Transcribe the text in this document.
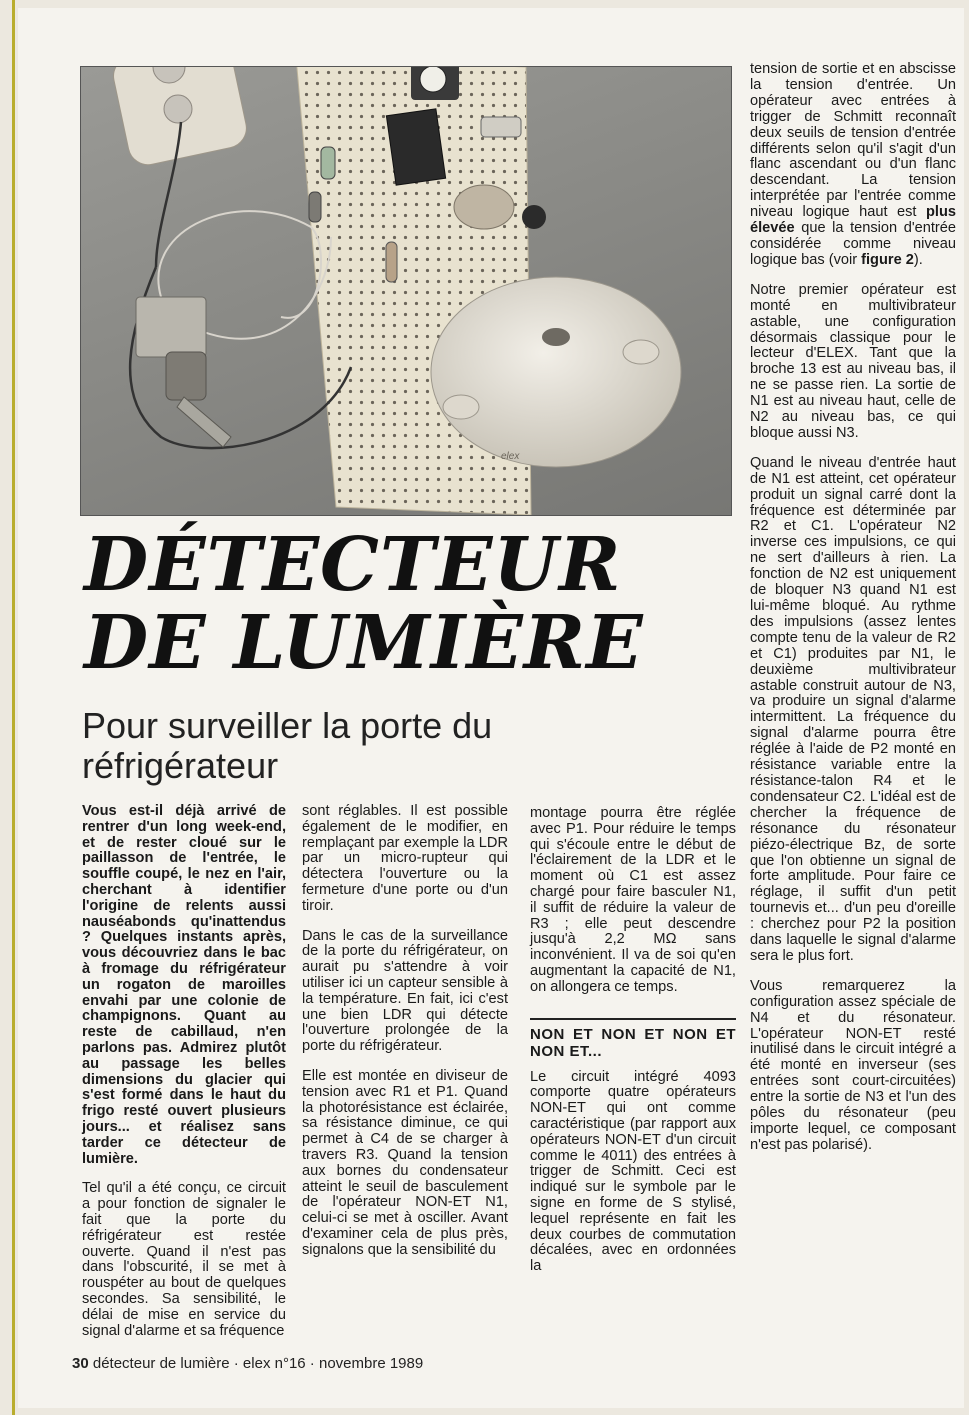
elex

tension de sortie et en abscisse la tension d'entrée. Un opérateur avec entrées à trigger de Schmitt reconnaît deux seuils de tension d'entrée différents selon qu'il s'agit d'un flanc ascendant ou d'un flanc descendant. La tension interprétée par l'entrée comme niveau logique haut est plus élevée que la tension d'entrée considérée comme niveau logique bas (voir figure 2).

Notre premier opérateur est monté en multivibrateur astable, une configuration désormais classique pour le lecteur d'ELEX. Tant que la broche 13 est au niveau bas, il ne se passe rien. La sortie de N1 est au niveau haut, celle de N2 au niveau bas, ce qui bloque aussi N3.

Quand le niveau d'entrée haut de N1 est atteint, cet opérateur produit un signal carré dont la fréquence est déterminée par R2 et C1. L'opérateur N2 inverse ces impulsions, ce qui ne sert d'ailleurs à rien. La fonction de N2 est uniquement de bloquer N3 quand N1 est lui-même bloqué. Au rythme des impulsions (assez lentes compte tenu de la valeur de R2 et C1) produites par N1, le deuxième multivibrateur astable construit autour de N3, va produire un signal d'alarme intermittent. La fréquence du signal d'alarme pourra être réglée à l'aide de P2 monté en résistance variable entre la résistance-talon R4 et le condensateur C2. L'idéal est de chercher la fréquence de résonance du résonateur piézo-électrique Bz, de sorte que l'on obtienne un signal de forte amplitude. Pour faire ce réglage, il suffit d'un petit tournevis et... d'un peu d'oreille : cherchez pour P2 la position dans laquelle le signal d'alarme sera le plus fort.

Vous remarquerez la configuration assez spéciale de N4 et du résonateur. L'opérateur NON-ET resté inutilisé dans le circuit intégré a été monté en inverseur (ses entrées sont court-circuitées) entre la sortie de N3 et l'un des pôles du résonateur (peu importe lequel, ce composant n'est pas polarisé).

DÉTECTEUR
DE LUMIÈRE
Pour surveiller la porte du réfrigérateur

Vous est-il déjà arrivé de rentrer d'un long week-end, et de rester cloué sur le paillasson de l'entrée, le souffle coupé, le nez en l'air, cherchant à identifier l'origine de relents aussi nauséabonds qu'inattendus ? Quelques instants après, vous découvriez dans le bac à fromage du réfrigérateur un rogaton de maroilles envahi par une colonie de champignons. Quant au reste de cabillaud, n'en parlons pas. Admirez plutôt au passage les belles dimensions du glacier qui s'est formé dans le haut du frigo resté ouvert plusieurs jours... et réalisez sans tarder ce détecteur de lumière.

Tel qu'il a été conçu, ce circuit a pour fonction de signaler le fait que la porte du réfrigérateur est restée ouverte. Quand il n'est pas dans l'obscurité, il se met à rouspéter au bout de quelques secondes. Sa sensibilité, le délai de mise en service du signal d'alarme et sa fréquence

sont réglables. Il est possible également de le modifier, en remplaçant par exemple la LDR par un micro-rupteur qui détectera l'ouverture ou la fermeture d'une porte ou d'un tiroir.

Dans le cas de la surveillance de la porte du réfrigérateur, on aurait pu s'attendre à voir utiliser ici un capteur sensible à la température. En fait, ici c'est une bien LDR qui détecte l'ouverture prolongée de la porte du réfrigérateur.

Elle est montée en diviseur de tension avec R1 et P1. Quand la photorésistance est éclairée, sa résistance diminue, ce qui permet à C4 de se charger à travers R3. Quand la tension aux bornes du condensateur atteint le seuil de basculement de l'opérateur NON-ET N1, celui-ci se met à osciller. Avant d'examiner cela de plus près, signalons que la sensibilité du

montage pourra être réglée avec P1. Pour réduire le temps qui s'écoule entre le début de l'éclairement de la LDR et le moment où C1 est assez chargé pour faire basculer N1, il suffit de réduire la valeur de R3 ; elle peut descendre jusqu'à 2,2 MΩ sans inconvénient. Il va de soi qu'en augmentant la capacité de N1, on allongera ce temps.

NON ET NON ET NON ET NON ET...

Le circuit intégré 4093 comporte quatre opérateurs NON-ET qui ont comme caractéristique (par rapport aux opérateurs NON-ET d'un circuit comme le 4011) des entrées à trigger de Schmitt. Ceci est indiqué sur le symbole par le signe en forme de S stylisé, lequel représente en fait les deux courbes de commutation décalées, avec en ordonnées la

30 détecteur de lumière · elex n°16 · novembre 1989
